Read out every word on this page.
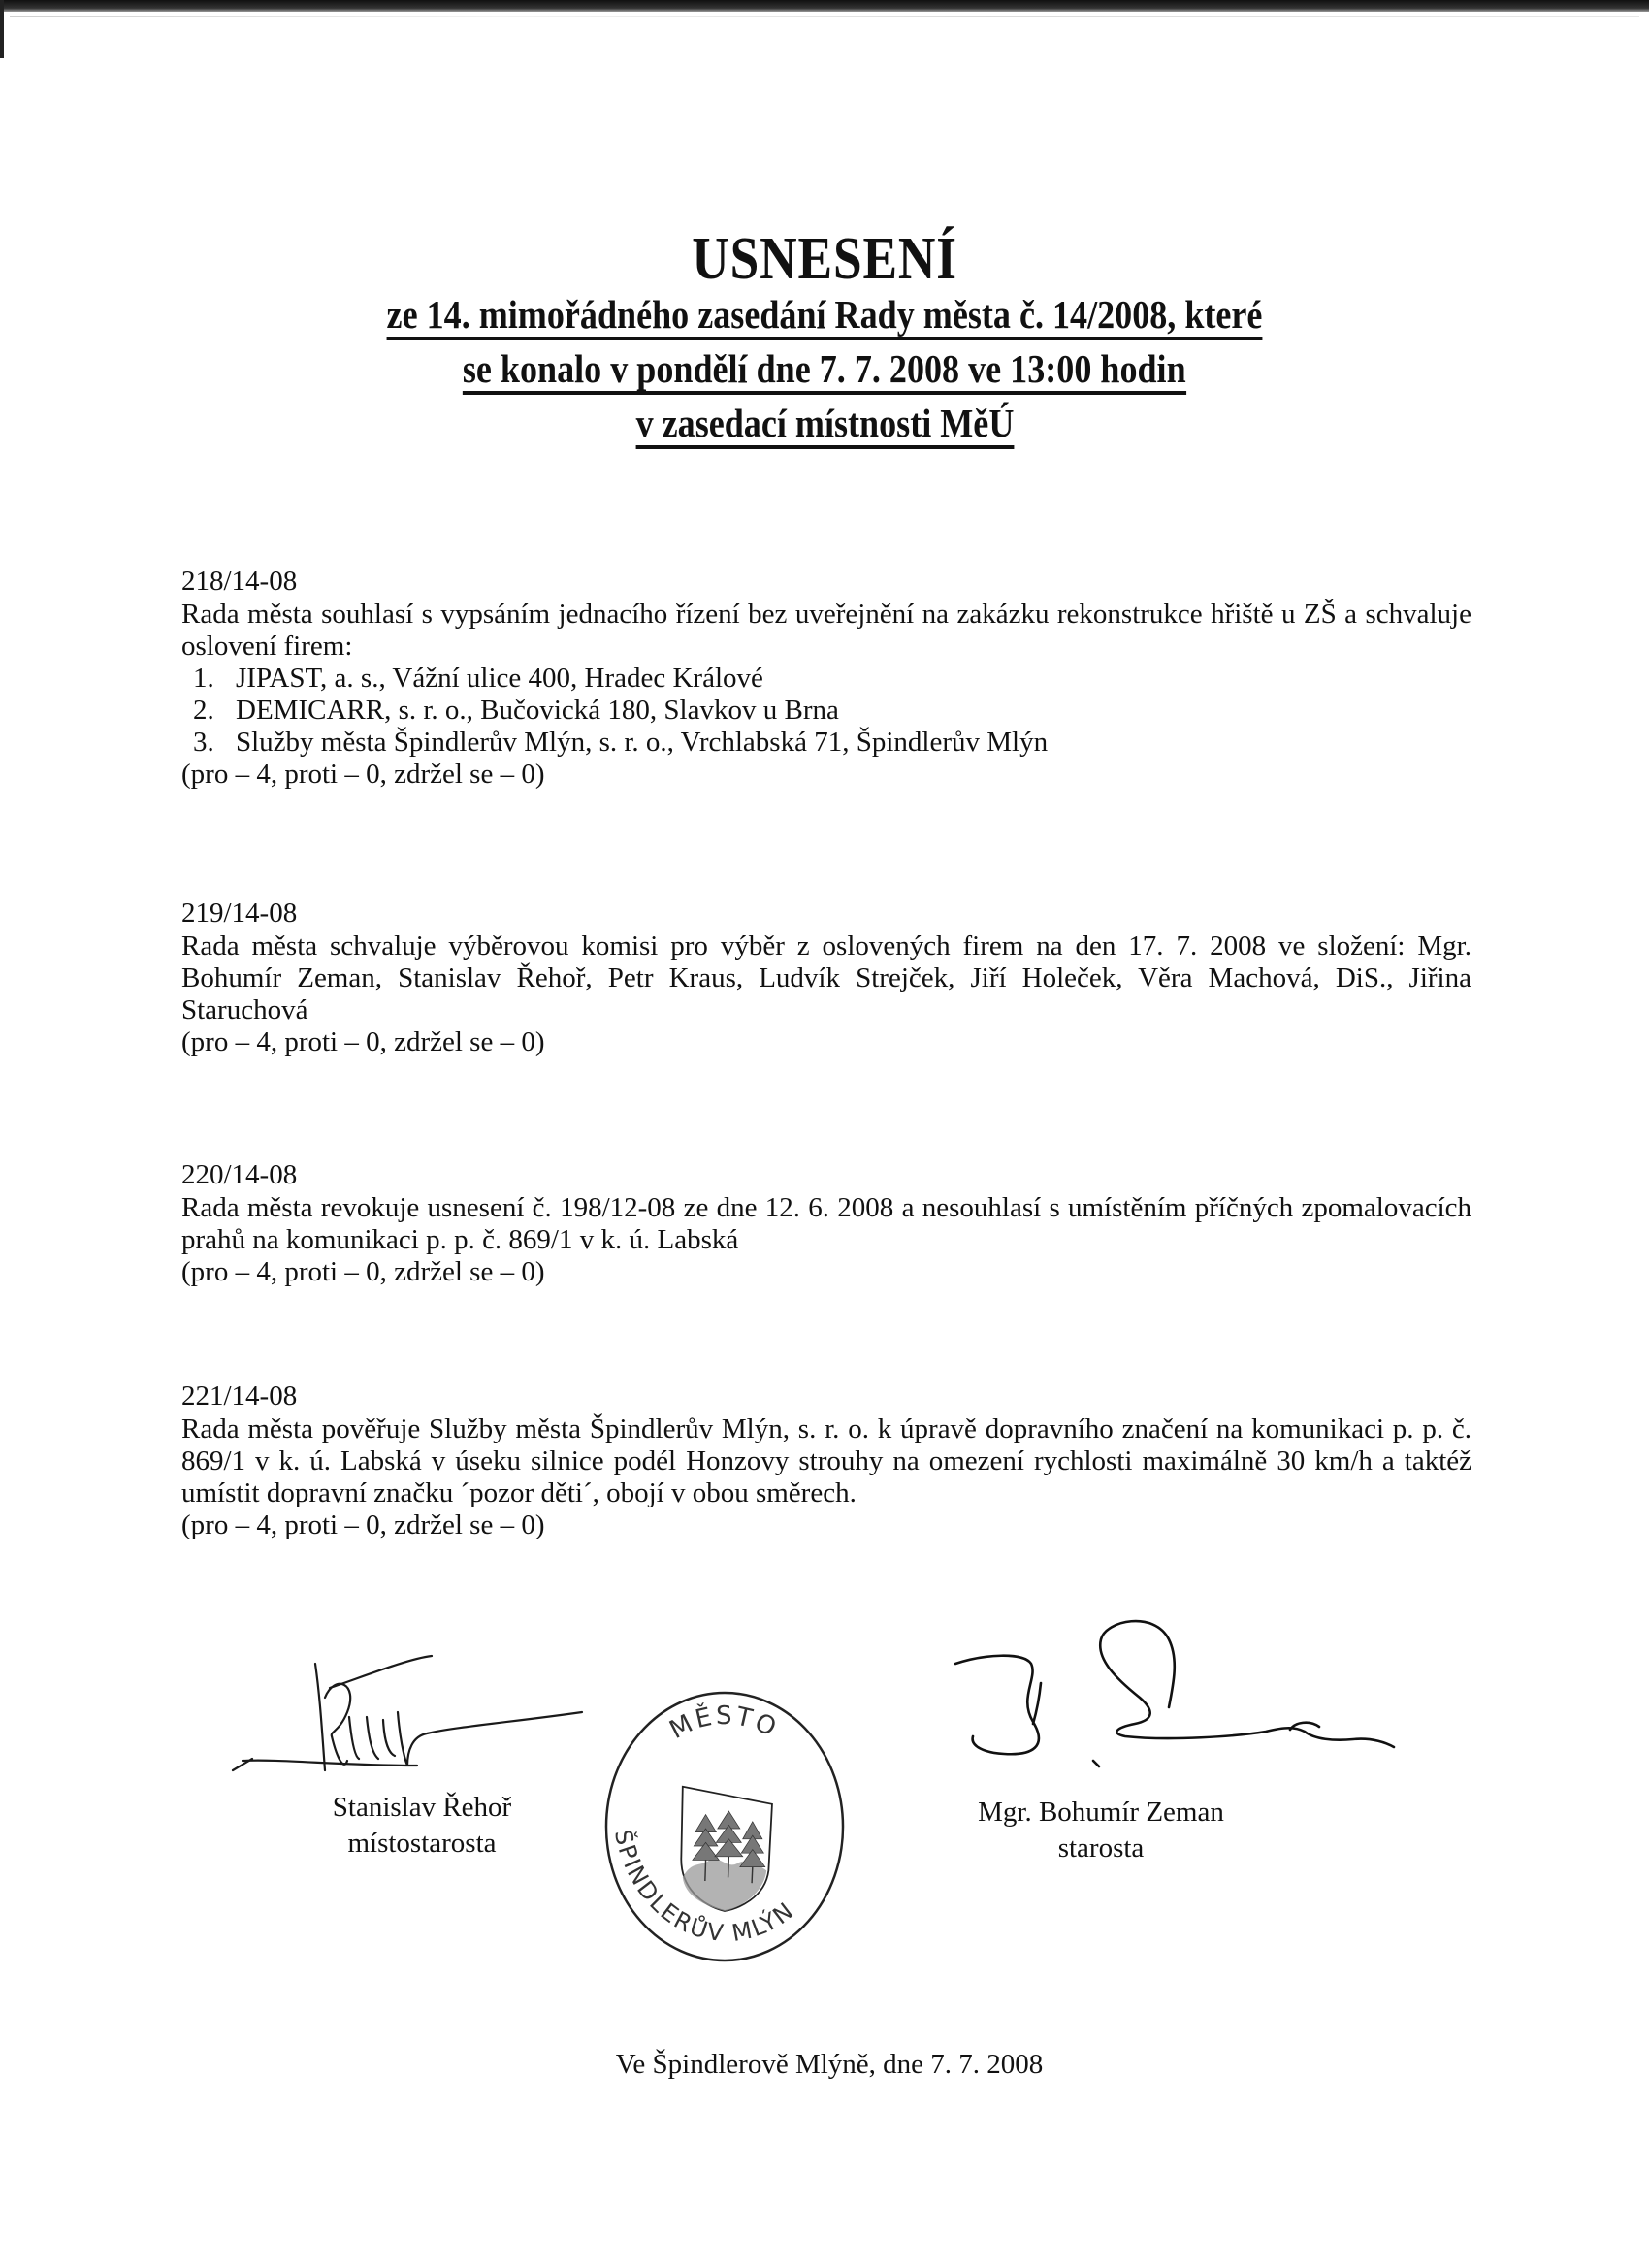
USNESENÍ
ze 14. mimořádného zasedání Rady města č. 14/2008, které
se konalo v pondělí dne 7. 7. 2008 ve 13:00 hodin
v zasedací místnosti MěÚ
218/14-08
Rada města souhlasí s vypsáním jednacího řízení bez uveřejnění na zakázku rekonstrukce hřiště u ZŠ a schvaluje oslovení firem:
1. JIPAST, a. s., Vážní ulice 400, Hradec Králové
2. DEMICARR, s. r. o., Bučovická 180, Slavkov u Brna
3. Služby města Špindlerův Mlýn, s. r. o., Vrchlabská 71, Špindlerův Mlýn
(pro – 4, proti – 0, zdržel se – 0)
219/14-08
Rada města schvaluje výběrovou komisi pro výběr z oslovených firem na den 17. 7. 2008 ve složení: Mgr. Bohumír Zeman, Stanislav Řehoř, Petr Kraus, Ludvík Strejček, Jiří Holeček, Věra Machová, DiS., Jiřina Staruchová
(pro – 4, proti – 0, zdržel se – 0)
220/14-08
Rada města revokuje usnesení č. 198/12-08 ze dne 12. 6. 2008 a nesouhlasí s umístěním příčných zpomalovacích prahů na komunikaci p. p. č. 869/1 v k. ú. Labská
(pro – 4, proti – 0, zdržel se – 0)
221/14-08
Rada města pověřuje Služby města Špindlerův Mlýn, s. r. o. k úpravě dopravního značení na komunikaci p. p. č. 869/1 v k. ú. Labská v úseku silnice podél Honzovy strouhy na omezení rychlosti maximálně 30 km/h a taktéž umístit dopravní značku ´pozor děti´, obojí v obou směrech.
(pro – 4, proti – 0, zdržel se – 0)
Stanislav Řehoř
místostarosta
MĚSTO
ŠPINDLERŮV MLÝN
Mgr. Bohumír Zeman
starosta
Ve Špindlerově Mlýně, dne 7. 7. 2008
